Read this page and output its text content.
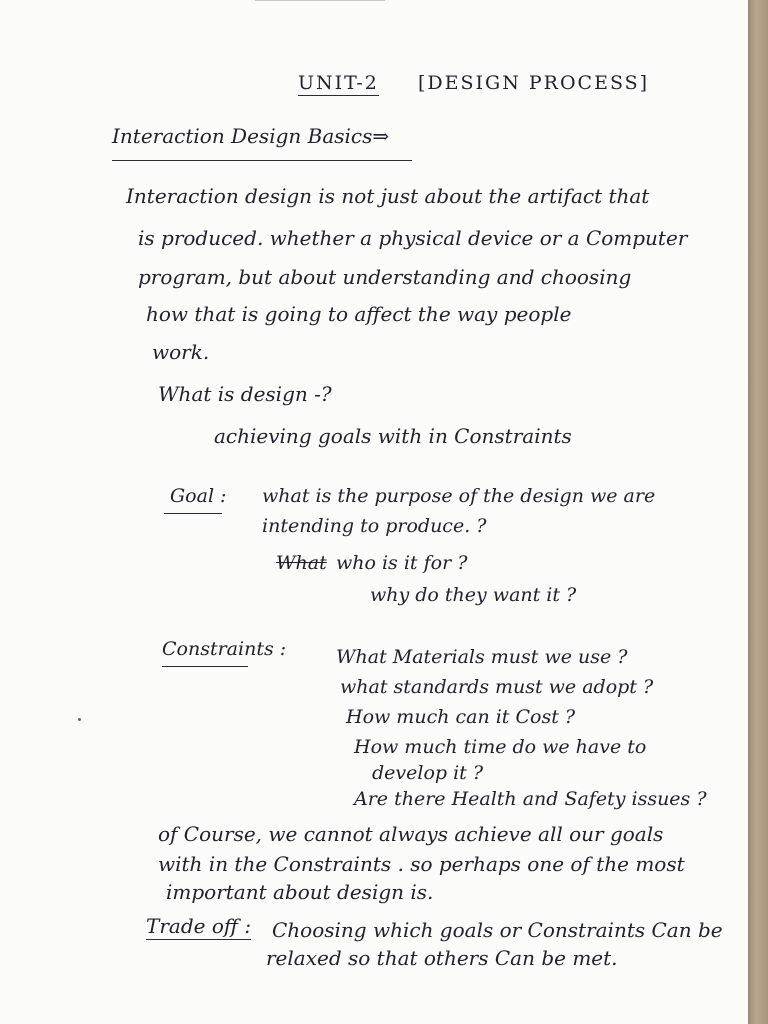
UNIT-2 [DESIGN PROCESS]
Interaction Design Basics⇒
Interaction design is not just about the artifact that
is produced. whether a physical device or a Computer
program, but about understanding and choosing
how that is going to affect the way people
work.
What is design -?
achieving goals with in Constraints
Goal : what is the purpose of the design we are
intending to produce. ?
What who is it for ?
why do they want it ?
Constraints :	What Materials must we use ?
what standards must we adopt ?
How much can it Cost ?
How much time do we have to
develop it ?
Are there Health and Safety issues ?
of Course, we cannot always achieve all our goals
with in the Constraints . so perhaps one of the most
important about design is.
Trade off : Choosing which goals or Constraints Can be
relaxed so that others Can be met.
